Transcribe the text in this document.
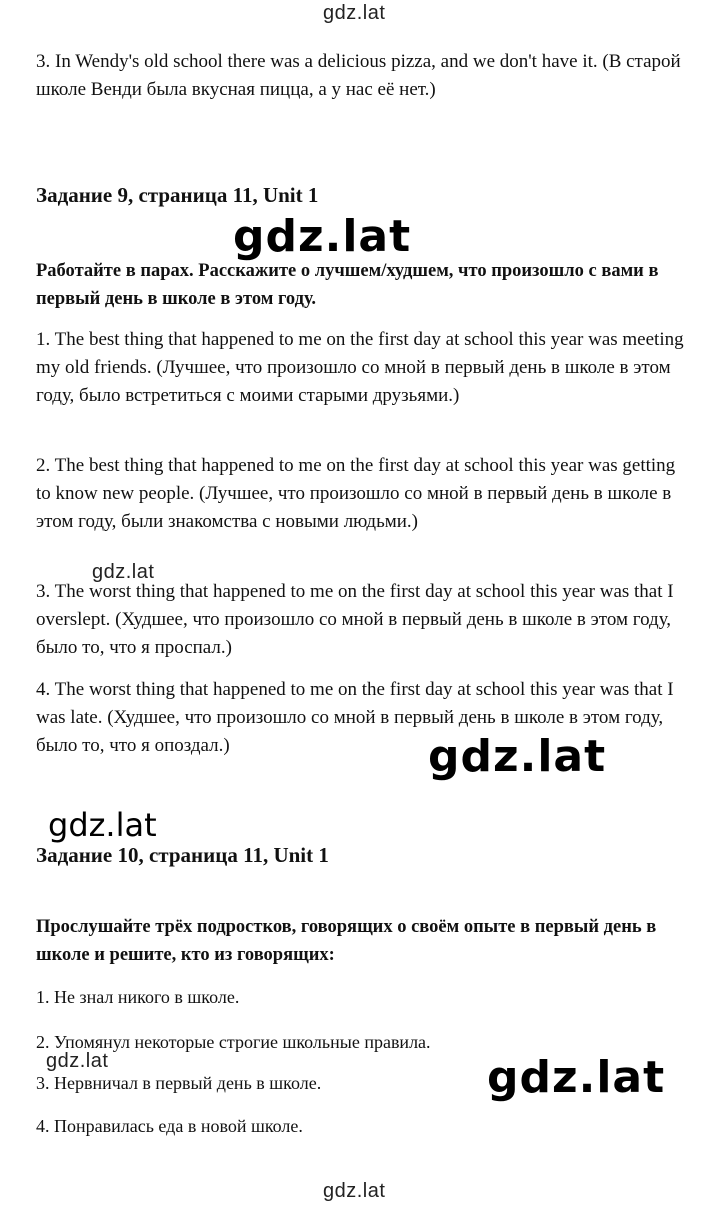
gdz.lat
3. In Wendy's old school there was a delicious pizza, and we don't have it. (В старой школе Венди была вкусная пицца, а у нас её нет.)
Задание 9, страница 11, Unit 1
gdz.lat
Работайте в парах. Расскажите о лучшем/худшем, что произошло с вами в первый день в школе в этом году.
1. The best thing that happened to me on the first day at school this year was meeting my old friends. (Лучшее, что произошло со мной в первый день в школе в этом году, было встретиться с моими старыми друзьями.)
2. The best thing that happened to me on the first day at school this year was getting to know new people. (Лучшее, что произошло со мной в первый день в школе в этом году, были знакомства с новыми людьми.)
gdz.lat
3. The worst thing that happened to me on the first day at school this year was that I overslept. (Худшее, что произошло со мной в первый день в школе в этом году, было то, что я проспал.)
4. The worst thing that happened to me on the first day at school this year was that I was late. (Худшее, что произошло со мной в первый день в школе в этом году, было то, что я опоздал.)	gdz.lat
gdz.lat
Задание 10, страница 11, Unit 1
Прослушайте трёх подростков, говорящих о своём опыте в первый день в школе и решите, кто из говорящих:
1. Не знал никого в школе.
2. Упомянул некоторые строгие школьные правила.
gdz.lat
3. Нервничал в первый день в школе.	gdz.lat
4. Понравилась еда в новой школе.
gdz.lat
